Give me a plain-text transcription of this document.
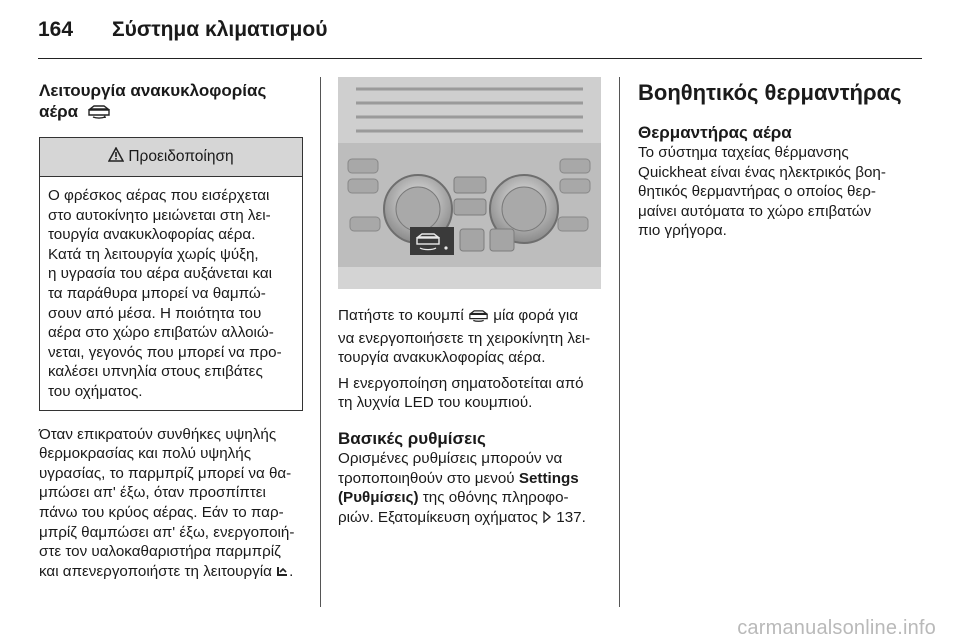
164 Σύστημα κλιματισμού
Λειτουργία ανακυκλοφορίας
αέρα
Προειδοποίηση
Ο φρέσκος αέρας που εισέρχεται
στο αυτοκίνητο μειώνεται στη λει-
τουργία ανακυκλοφορίας αέρα.
Κατά τη λειτουργία χωρίς ψύξη,
η υγρασία του αέρα αυξάνεται και
τα παράθυρα μπορεί να θαμπώ-
σουν από μέσα. Η ποιότητα του
αέρα στο χώρο επιβατών αλλοιώ-
νεται, γεγονός που μπορεί να προ-
καλέσει υπνηλία στους επιβάτες
του οχήματος.

Όταν επικρατούν συνθήκες υψηλής
θερμοκρασίας και πολύ υψηλής
υγρασίας, το παρμπρίζ μπορεί να θα-
μπώσει απ' έξω, όταν προσπίπτει
πάνω του κρύος αέρας. Εάν το παρ-
μπρίζ θαμπώσει απ' έξω, ενεργοποιή-
στε τον υαλοκαθαριστήρα παρμπρίζ
και απενεργοποιήστε τη λειτουργία .

Πατήστε το κουμπί μία φορά για
να ενεργοποιήσετε τη χειροκίνητη λει-
τουργία ανακυκλοφορίας αέρα.

Η ενεργοποίηση σηματοδοτείται από
τη λυχνία LED του κουμπιού.

Βασικές ρυθμίσεις

Ορισμένες ρυθμίσεις μπορούν να
τροποποιηθούν στο μενού Settings
(Ρυθμίσεις) της οθόνης πληροφο-
ριών. Εξατομίκευση οχήματος 137.

Βοηθητικός θερμαντήρας
Θερμαντήρας αέρα

Το σύστημα ταχείας θέρμανσης
Quickheat είναι ένας ηλεκτρικός βοη-
θητικός θερμαντήρας ο οποίος θερ-
μαίνει αυτόματα το χώρο επιβατών
πιο γρήγορα.

carmanualsonline.info
